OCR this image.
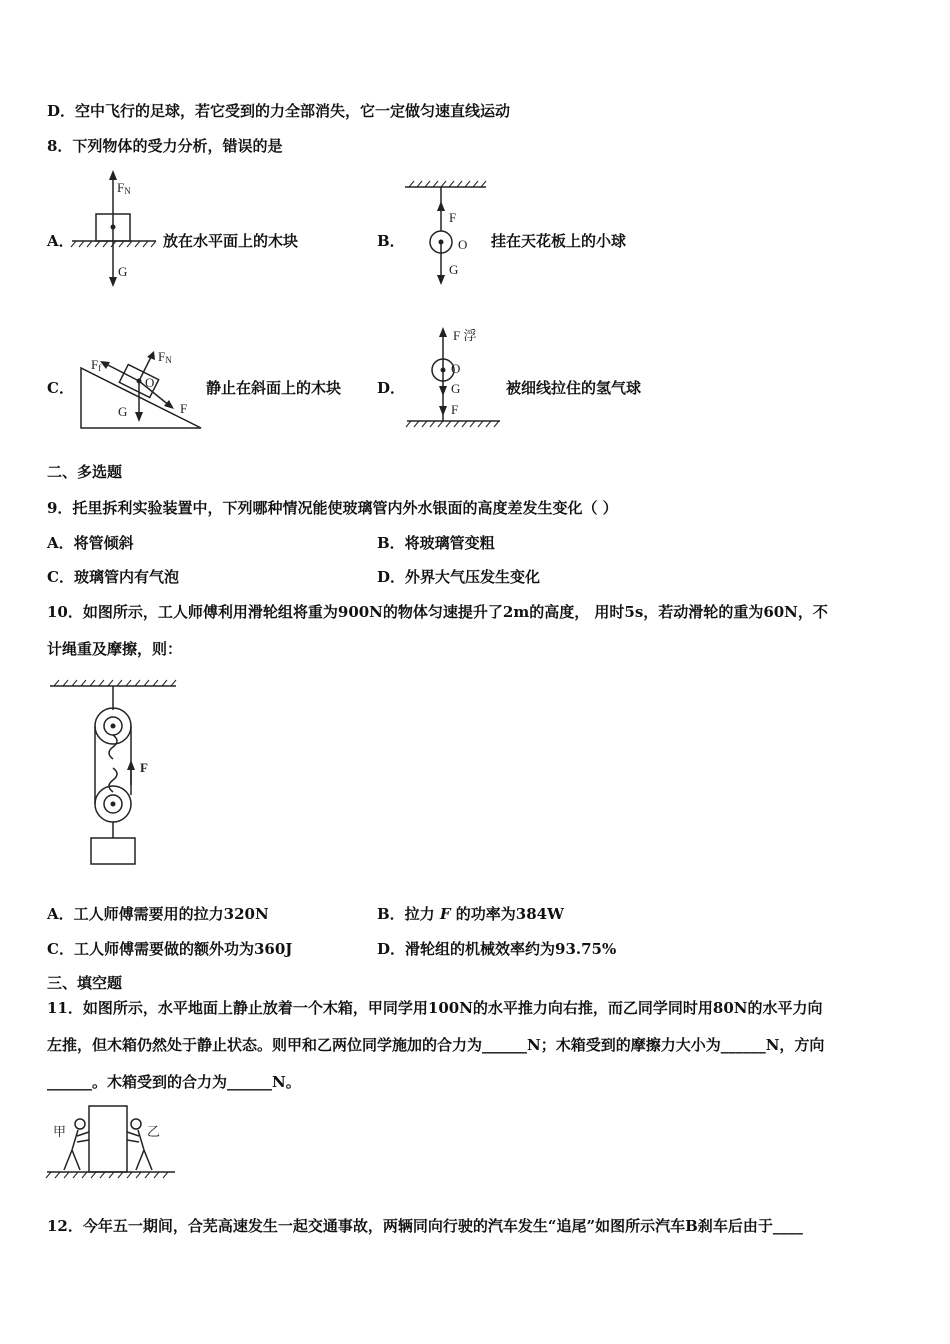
D．空中飞行的足球，若它受到的力全部消失，它一定做匀速直线运动
8．下列物体的受力分析，错误的是
A．
FN
G
放在水平面上的木块	B．
F
O
G
挂在天花板上的小球
C．
Ff
FN
O
G	F
静止在斜面上的木块 D．
F 浮
O
G
F
被细线拉住的氢气球
二、多选题
9．托里拆利实验装置中，下列哪种情况能使玻璃管内外水银面的高度差发生变化（ ）
A．将管倾斜	B．将玻璃管变粗
C．玻璃管内有气泡	D．外界大气压发生变化
10．如图所示，工人师傅利用滑轮组将重为900N的物体匀速提升了2m的高度， 用时5s，若动滑轮的重为60N，不
计绳重及摩擦，则：
F
A．工人师傅需要用的拉力320N	B．拉力 F 的功率为384W
C．工人师傅需要做的额外功为360J	D．滑轮组的机械效率约为93.75%
三、填空题
11．如图所示，水平地面上静止放着一个木箱，甲同学用100N的水平推力向右推，而乙同学同时用80N的水平力向
左推，但木箱仍然处于静止状态。则甲和乙两位同学施加的合力为______N；木箱受到的摩擦力大小为______N，方向
______。木箱受到的合力为______N。
甲	乙
12．今年五一期间，合芜高速发生一起交通事故，两辆同向行驶的汽车发生“追尾”如图所示汽车B刹车后由于____
